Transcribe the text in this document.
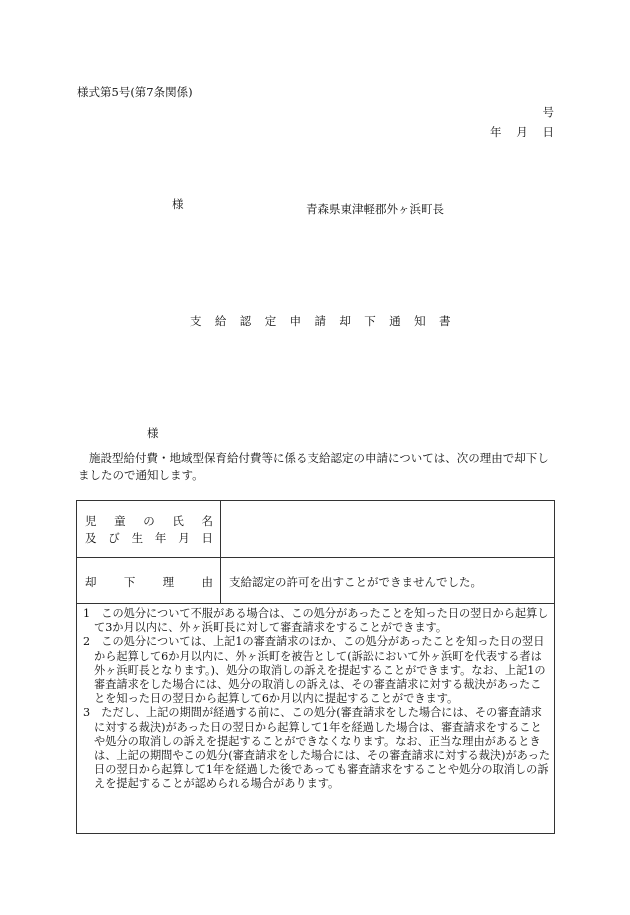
様式第5号(第7条関係)
号
年 月 日
様	青森県東津軽郡外ヶ浜町長
支給認定申請却下通知書
様
施設型給付費・地域型保育給付費等に係る支給認定の申請については、次の理由で却下しましたので通知します。
児 童 の 氏 名
及 び 生 年 月 日
却 下 理 由 支給認定の許可を出すことができませんでした。

1　この処分について不服がある場合は、この処分があったことを知った日の翌日から起算して3か月以内に、外ヶ浜町長に対して審査請求をすることができます。

2　この処分については、上記1の審査請求のほか、この処分があったことを知った日の翌日から起算して6か月以内に、外ヶ浜町を被告として(訴訟において外ヶ浜町を代表する者は外ヶ浜町長となります。)、処分の取消しの訴えを提起することができます。なお、上記1の審査請求をした場合には、処分の取消しの訴えは、その審査請求に対する裁決があったことを知った日の翌日から起算して6か月以内に提起することができます。

3　ただし、上記の期間が経過する前に、この処分(審査請求をした場合には、その審査請求に対する裁決)があった日の翌日から起算して1年を経過した場合は、審査請求をすることや処分の取消しの訴えを提起することができなくなります。なお、正当な理由があるときは、上記の期間やこの処分(審査請求をした場合には、その審査請求に対する裁決)があった日の翌日から起算して1年を経過した後であっても審査請求をすることや処分の取消しの訴えを提起することが認められる場合があります。
